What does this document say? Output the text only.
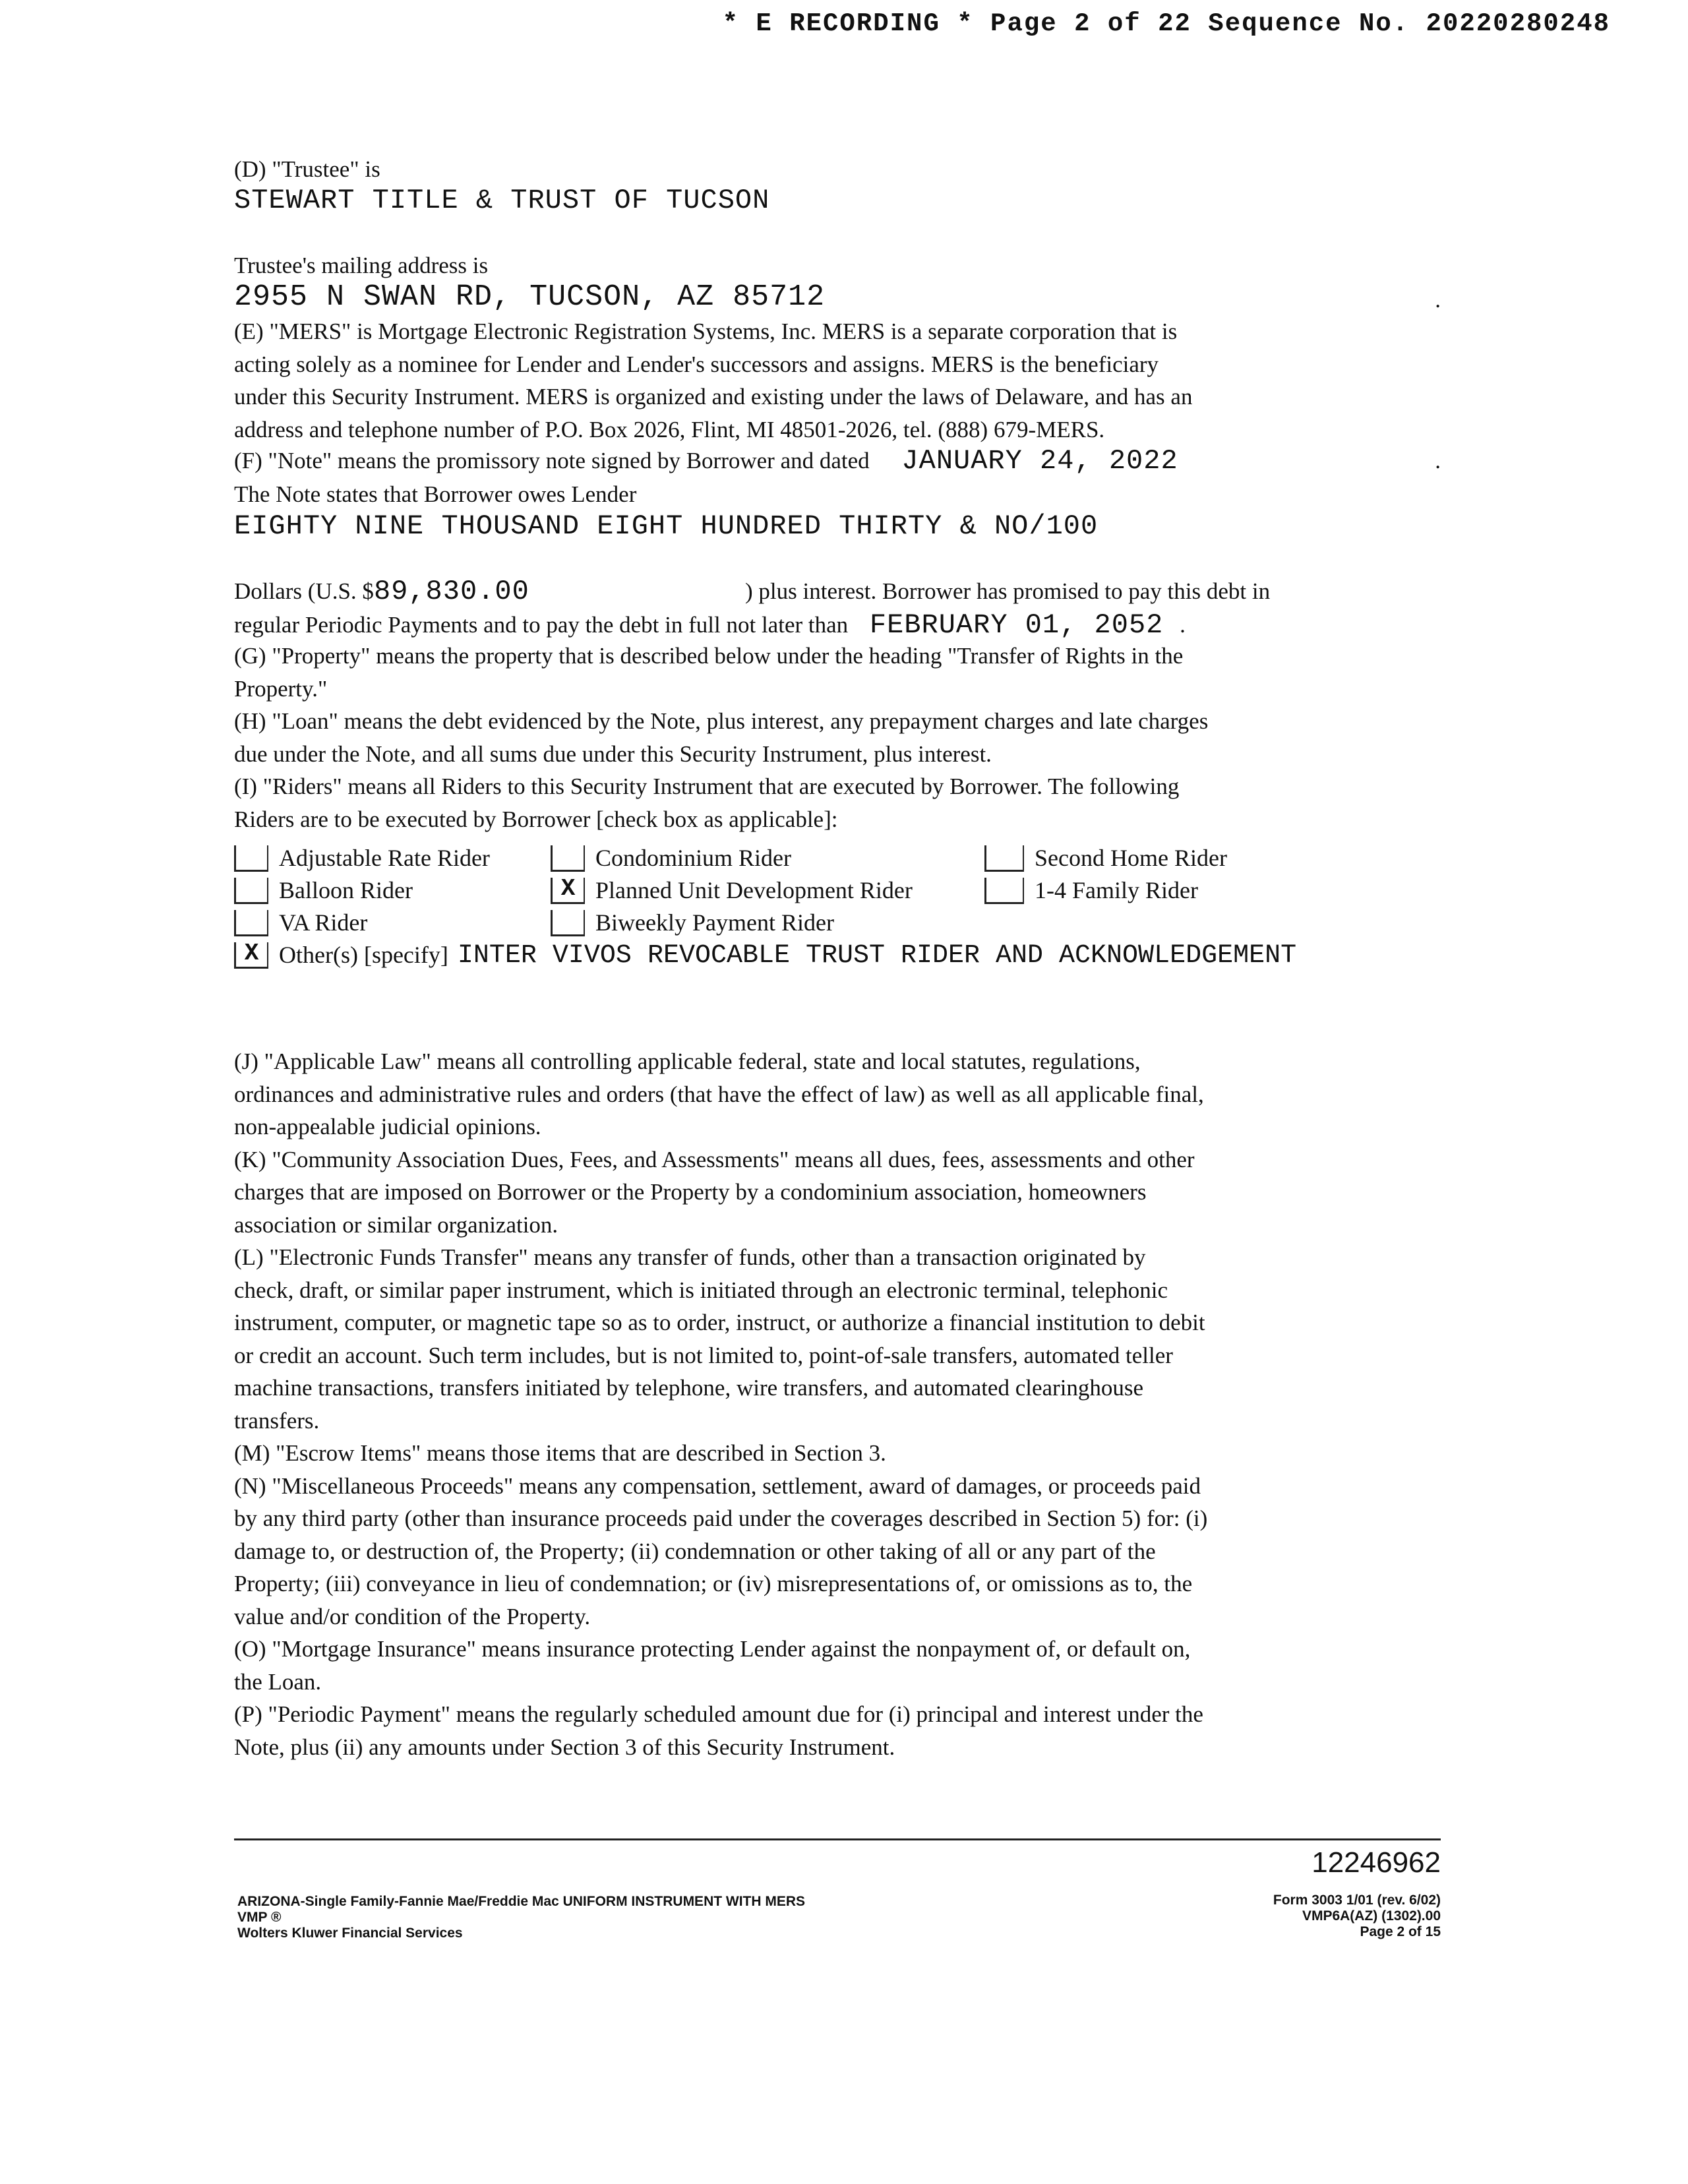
* E RECORDING * Page 2 of 22 Sequence No. 20220280248
(D) "Trustee" is
STEWART TITLE & TRUST OF TUCSON
Trustee's mailing address is
2955 N SWAN RD, TUCSON, AZ 85712	.
(E) "MERS" is Mortgage Electronic Registration Systems, Inc. MERS is a separate corporation that is
acting solely as a nominee for Lender and Lender's successors and assigns. MERS is the beneficiary
under this Security Instrument. MERS is organized and existing under the laws of Delaware, and has an
address and telephone number of P.O. Box 2026, Flint, MI 48501-2026, tel. (888) 679-MERS.
(F) "Note" means the promissory note signed by Borrower and dated JANUARY 24, 2022	.
The Note states that Borrower owes Lender
EIGHTY NINE THOUSAND EIGHT HUNDRED THIRTY & NO/100
Dollars (U.S. $89,830.00	) plus interest. Borrower has promised to pay this debt in
regular Periodic Payments and to pay the debt in full not later than FEBRUARY 01, 2052 .
(G) "Property" means the property that is described below under the heading "Transfer of Rights in the
Property."
(H) "Loan" means the debt evidenced by the Note, plus interest, any prepayment charges and late charges
due under the Note, and all sums due under this Security Instrument, plus interest.
(I) "Riders" means all Riders to this Security Instrument that are executed by Borrower. The following
Riders are to be executed by Borrower [check box as applicable]:
Adjustable Rate Rider	Condominium Rider	Second Home Rider
Balloon Rider	X Planned Unit Development Rider	1-4 Family Rider
VA Rider	Biweekly Payment Rider
X Other(s) [specify] INTER VIVOS REVOCABLE TRUST RIDER AND ACKNOWLEDGEMENT
(J) "Applicable Law" means all controlling applicable federal, state and local statutes, regulations,
ordinances and administrative rules and orders (that have the effect of law) as well as all applicable final,
non-appealable judicial opinions.
(K) "Community Association Dues, Fees, and Assessments" means all dues, fees, assessments and other
charges that are imposed on Borrower or the Property by a condominium association, homeowners
association or similar organization.
(L) "Electronic Funds Transfer" means any transfer of funds, other than a transaction originated by
check, draft, or similar paper instrument, which is initiated through an electronic terminal, telephonic
instrument, computer, or magnetic tape so as to order, instruct, or authorize a financial institution to debit
or credit an account. Such term includes, but is not limited to, point-of-sale transfers, automated teller
machine transactions, transfers initiated by telephone, wire transfers, and automated clearinghouse
transfers.
(M) "Escrow Items" means those items that are described in Section 3.
(N) "Miscellaneous Proceeds" means any compensation, settlement, award of damages, or proceeds paid
by any third party (other than insurance proceeds paid under the coverages described in Section 5) for: (i)
damage to, or destruction of, the Property; (ii) condemnation or other taking of all or any part of the
Property; (iii) conveyance in lieu of condemnation; or (iv) misrepresentations of, or omissions as to, the
value and/or condition of the Property.
(O) "Mortgage Insurance" means insurance protecting Lender against the nonpayment of, or default on,
the Loan.
(P) "Periodic Payment" means the regularly scheduled amount due for (i) principal and interest under the
Note, plus (ii) any amounts under Section 3 of this Security Instrument.
12246962
ARIZONA-Single Family-Fannie Mae/Freddie Mac UNIFORM INSTRUMENT WITH MERS
VMP ®
Wolters Kluwer Financial Services
Form 3003 1/01 (rev. 6/02)
VMP6A(AZ) (1302).00
Page 2 of 15
